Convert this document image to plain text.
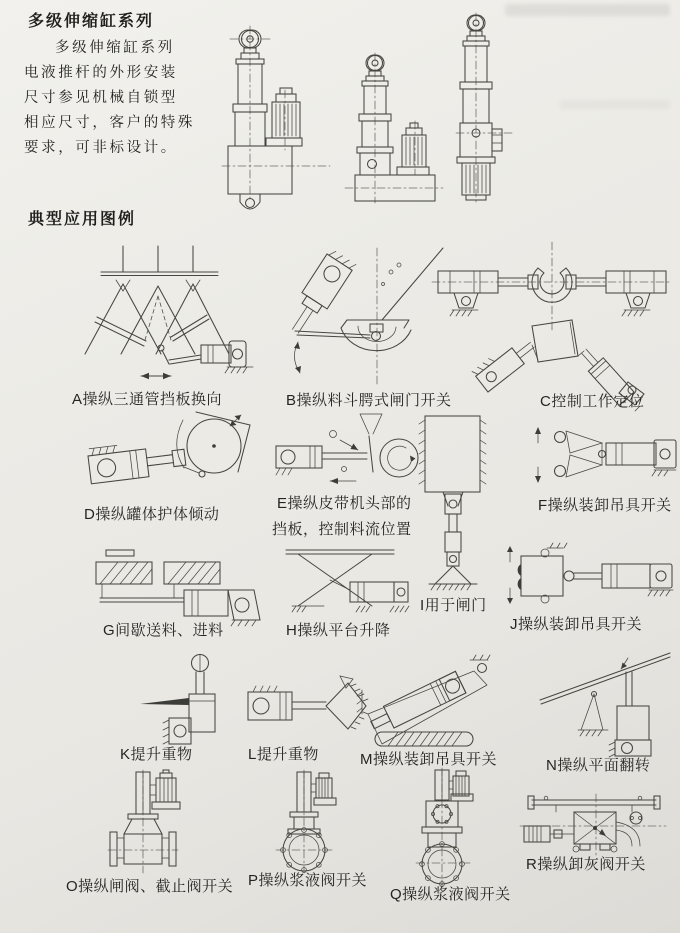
多级伸缩缸系列
多级伸缩缸系列
电液推杆的外形安装
尺寸参见机械自锁型
相应尺寸，客户的特殊
要求，可非标设计。
典型应用图例
A操纵三通管挡板换向	B操纵料斗腭式闸门开关	C控制工作定位
D操纵罐体护体倾动
E操纵皮带机头部的
挡板，控制料流位置
F操纵装卸吊具开关
I用于闸门
G间歇送料、进料	H操纵平台升降	J操纵装卸吊具开关
K提升重物	L提升重物	M操纵装卸吊具开关	N操纵平面翻转
O操纵闸阀、截止阀开关 P操纵浆液阀开关
Q操纵浆液阀开关
R操纵卸灰阀开关
